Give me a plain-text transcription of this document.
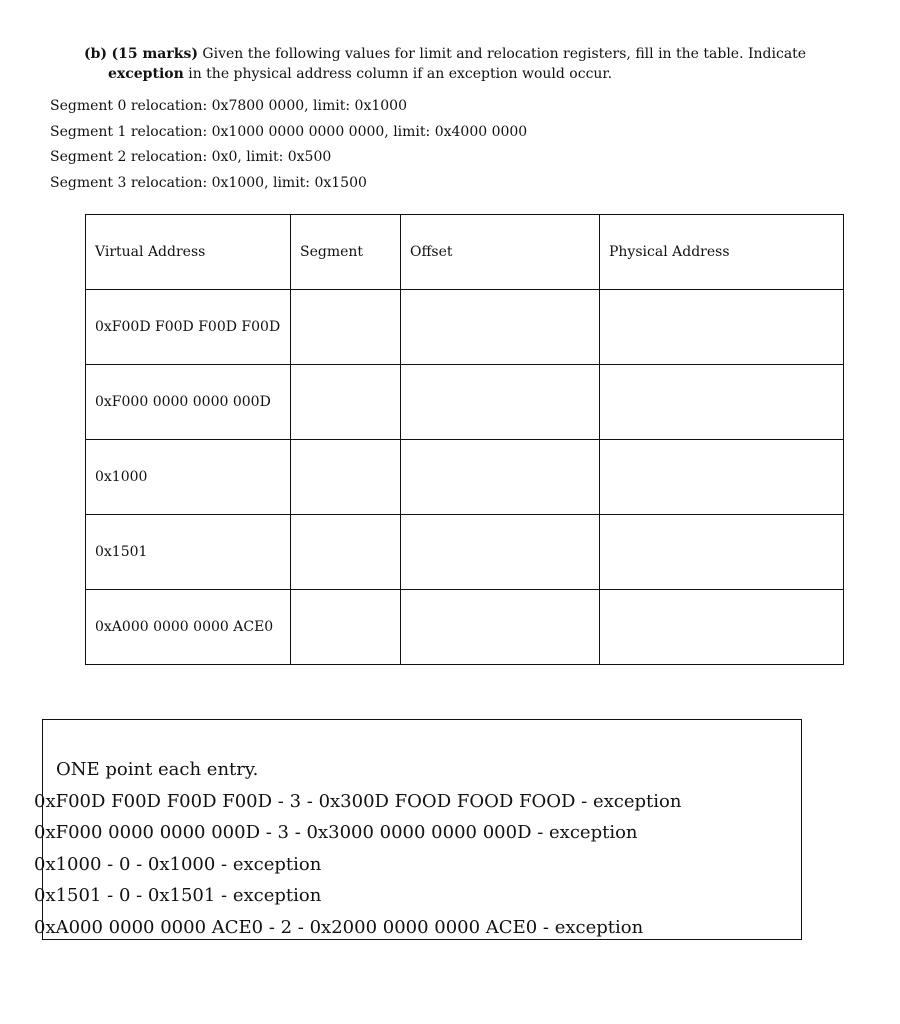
(b) (15 marks) Given the following values for limit and relocation registers, fill in the table. Indicate
exception in the physical address column if an exception would occur.
Segment 0 relocation: 0x7800 0000, limit: 0x1000
Segment 1 relocation: 0x1000 0000 0000 0000, limit: 0x4000 0000
Segment 2 relocation: 0x0, limit: 0x500
Segment 3 relocation: 0x1000, limit: 0x1500
Virtual Address	Segment	Offset	Physical Address
0xF00D F00D F00D F00D			
0xF000 0000 0000 000D			
0x1000			
0x1501			
0xA000 0000 0000 ACE0			
ONE point each entry.
0xF00D F00D F00D F00D - 3 - 0x300D FOOD FOOD FOOD - exception
0xF000 0000 0000 000D - 3 - 0x3000 0000 0000 000D - exception
0x1000 - 0 - 0x1000 - exception
0x1501 - 0 - 0x1501 - exception
0xA000 0000 0000 ACE0 - 2 - 0x2000 0000 0000 ACE0 - exception
